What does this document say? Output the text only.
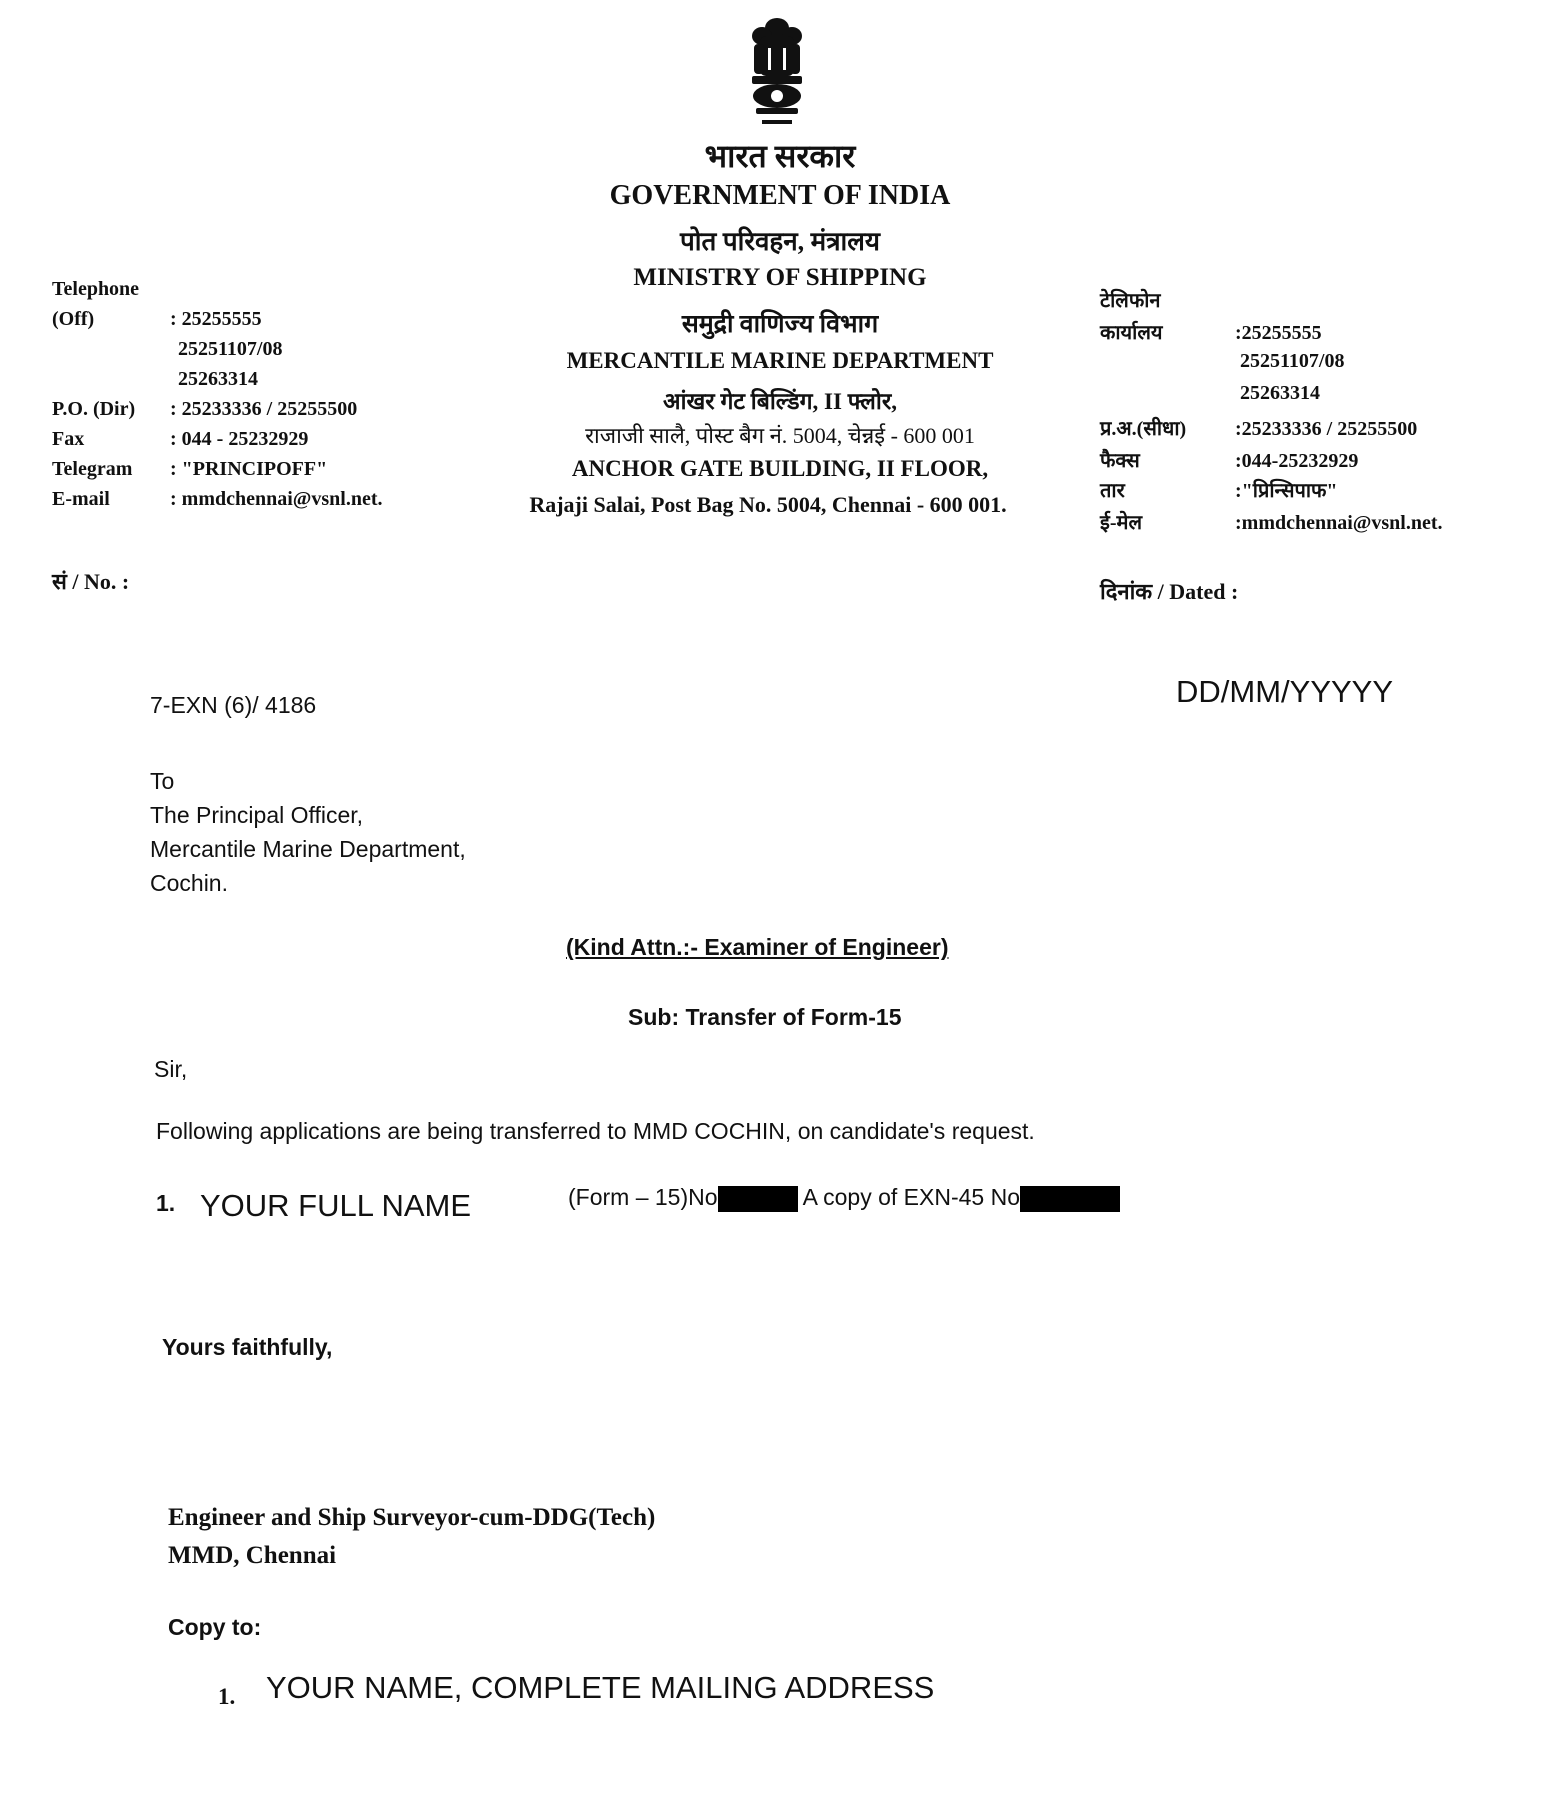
भारत सरकार
GOVERNMENT OF INDIA
पोत परिवहन, मंत्रालय
MINISTRY OF SHIPPING
समुद्री वाणिज्य विभाग
MERCANTILE MARINE DEPARTMENT
आंखर गेट बिल्डिंग, II फ्लोर,
राजाजी सालै, पोस्ट बैग नं. 5004, चेन्नई - 600 001
ANCHOR GATE BUILDING, II FLOOR,
Rajaji Salai, Post Bag No. 5004, Chennai - 600 001.
Telephone
(Off)	: 25255555
25251107/08
25263314
P.O. (Dir) : 25233336 / 25255500
Fax	: 044 - 25232929
Telegram : "PRINCIPOFF"
E-mail	: mmdchennai@vsnl.net.
टेलिफोन
कार्यालय	:25255555
25251107/08
25263314
प्र.अ.(सीधा) :25233336 / 25255500
फैक्स	:044-25232929
तार	:"प्रिन्सिपाफ"
ई-मेल	:mmdchennai@vsnl.net.
सं / No. :	दिनांक / Dated :
7-EXN (6)/ 4186	DD/MM/YYYYY
To
The Principal Officer,
Mercantile Marine Department,
Cochin.
(Kind Attn.:- Examiner of Engineer)
Sub: Transfer of Form-15
Sir,
Following applications are being transferred to MMD COCHIN, on candidate's request.
1. YOUR FULL NAME	(Form – 15)No	A copy of EXN-45 No
Yours faithfully,
Engineer and Ship Surveyor-cum-DDG(Tech)
MMD, Chennai
Copy to:
1. YOUR NAME, COMPLETE MAILING ADDRESS
